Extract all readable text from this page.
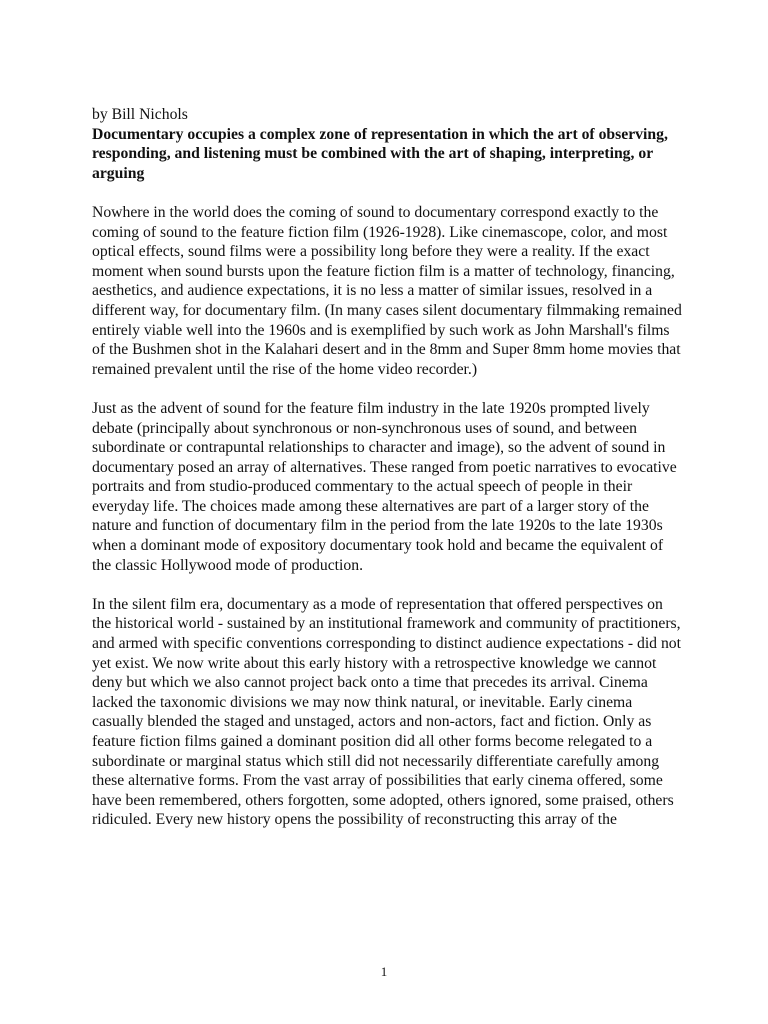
by Bill Nichols

Documentary occupies a complex zone of representation in which the art of observing, responding, and listening must be combined with the art of shaping, interpreting, or arguing

Nowhere in the world does the coming of sound to documentary correspond exactly to the coming of sound to the feature fiction film (1926-1928). Like cinemascope, color, and most optical effects, sound films were a possibility long before they were a reality. If the exact moment when sound bursts upon the feature fiction film is a matter of technology, financing, aesthetics, and audience expectations, it is no less a matter of similar issues, resolved in a different way, for documentary film. (In many cases silent documentary filmmaking remained entirely viable well into the 1960s and is exemplified by such work as John Marshall's films of the Bushmen shot in the Kalahari desert and in the 8mm and Super 8mm home movies that remained prevalent until the rise of the home video recorder.)

Just as the advent of sound for the feature film industry in the late 1920s prompted lively debate (principally about synchronous or non-synchronous uses of sound, and between subordinate or contrapuntal relationships to character and image), so the advent of sound in documentary posed an array of alternatives. These ranged from poetic narratives to evocative portraits and from studio-produced commentary to the actual speech of people in their everyday life. The choices made among these alternatives are part of a larger story of the nature and function of documentary film in the period from the late 1920s to the late 1930s when a dominant mode of expository documentary took hold and became the equivalent of the classic Hollywood mode of production.

In the silent film era, documentary as a mode of representation that offered perspectives on the historical world - sustained by an institutional framework and community of practitioners, and armed with specific conventions corresponding to distinct audience expectations - did not yet exist. We now write about this early history with a retrospective knowledge we cannot deny but which we also cannot project back onto a time that precedes its arrival. Cinema lacked the taxonomic divisions we may now think natural, or inevitable. Early cinema casually blended the staged and unstaged, actors and non-actors, fact and fiction. Only as feature fiction films gained a dominant position did all other forms become relegated to a subordinate or marginal status which still did not necessarily differentiate carefully among these alternative forms. From the vast array of possibilities that early cinema offered, some have been remembered, others forgotten, some adopted, others ignored, some praised, others ridiculed. Every new history opens the possibility of reconstructing this array of the

1
